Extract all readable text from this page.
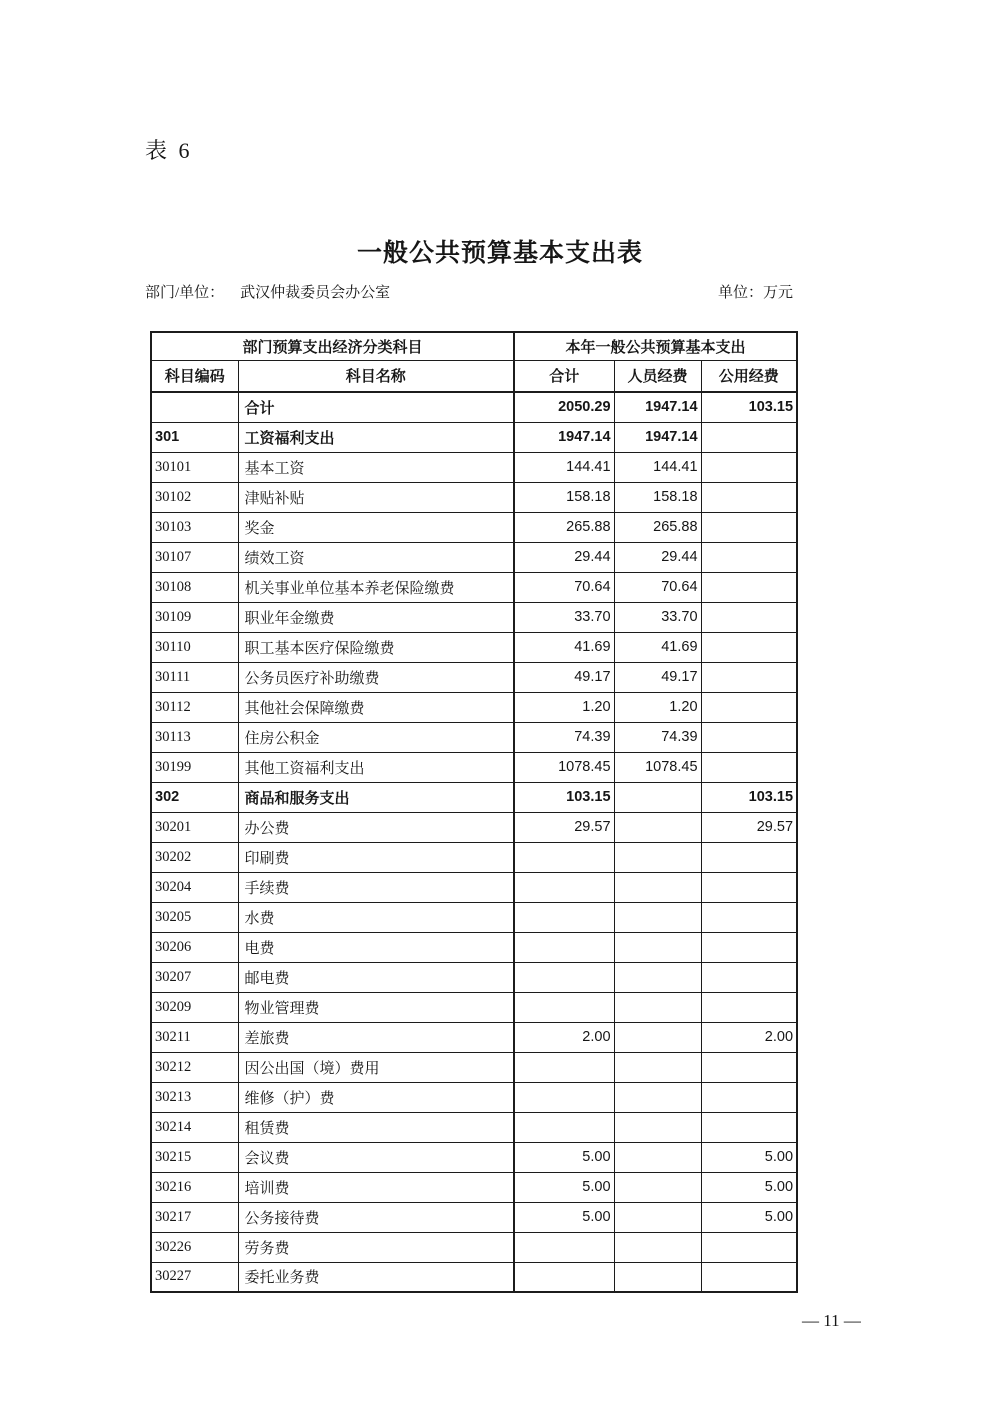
表 6
一般公共预算基本支出表
部门/单位： 武汉仲裁委员会办公室	单位：万元
部门预算支出经济分类科目		本年一般公共预算基本支出		
科目编码	科目名称	合计	人员经费	公用经费
	合计	2050.29	1947.14	103.15
301	工资福利支出	1947.14	1947.14	
30101	基本工资	144.41	144.41	
30102	津贴补贴	158.18	158.18	
30103	奖金	265.88	265.88	
30107	绩效工资	29.44	29.44	
30108	机关事业单位基本养老保险缴费	70.64	70.64	
30109	职业年金缴费	33.70	33.70	
30110	职工基本医疗保险缴费	41.69	41.69	
30111	公务员医疗补助缴费	49.17	49.17	
30112	其他社会保障缴费	1.20	1.20	
30113	住房公积金	74.39	74.39	
30199	其他工资福利支出	1078.45	1078.45	
302	商品和服务支出	103.15		103.15
30201	办公费	29.57		29.57
30202	印刷费			
30204	手续费			
30205	水费			
30206	电费			
30207	邮电费			
30209	物业管理费			
30211	差旅费	2.00		2.00
30212	因公出国（境）费用			
30213	维修（护）费			
30214	租赁费			
30215	会议费	5.00		5.00
30216	培训费	5.00		5.00
30217	公务接待费	5.00		5.00
30226	劳务费			
30227	委托业务费			
— 11 —
